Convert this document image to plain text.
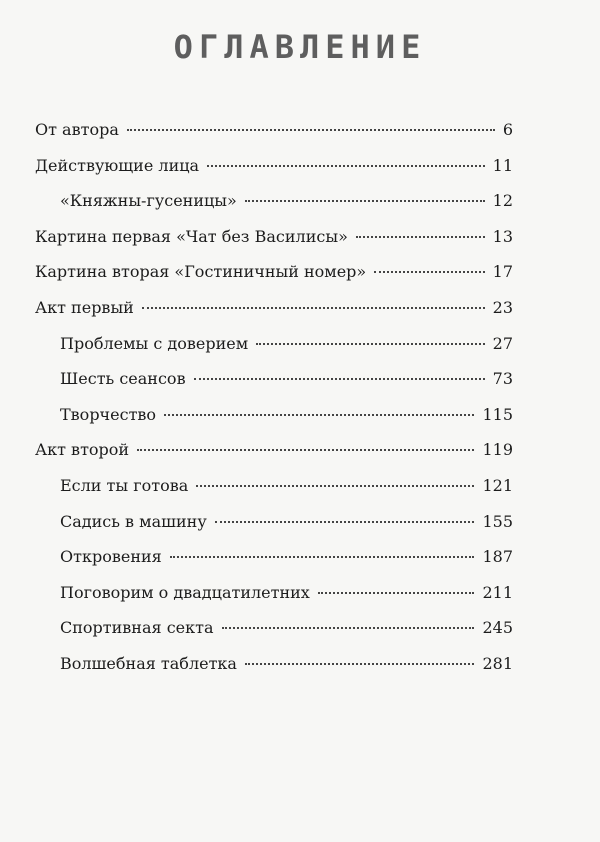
ОГЛАВЛЕНИЕ
От автора	6
Действующие лица	11
«Княжны-гусеницы»	12
Картина первая «Чат без Василисы»	13
Картина вторая «Гостиничный номер»	17
Акт первый	23
Проблемы с доверием	27
Шесть сеансов	73
Творчество	115
Акт второй	119
Если ты готова	121
Садись в машину	155
Откровения	187
Поговорим о двадцатилетних	211
Спортивная секта	245
Волшебная таблетка	281
